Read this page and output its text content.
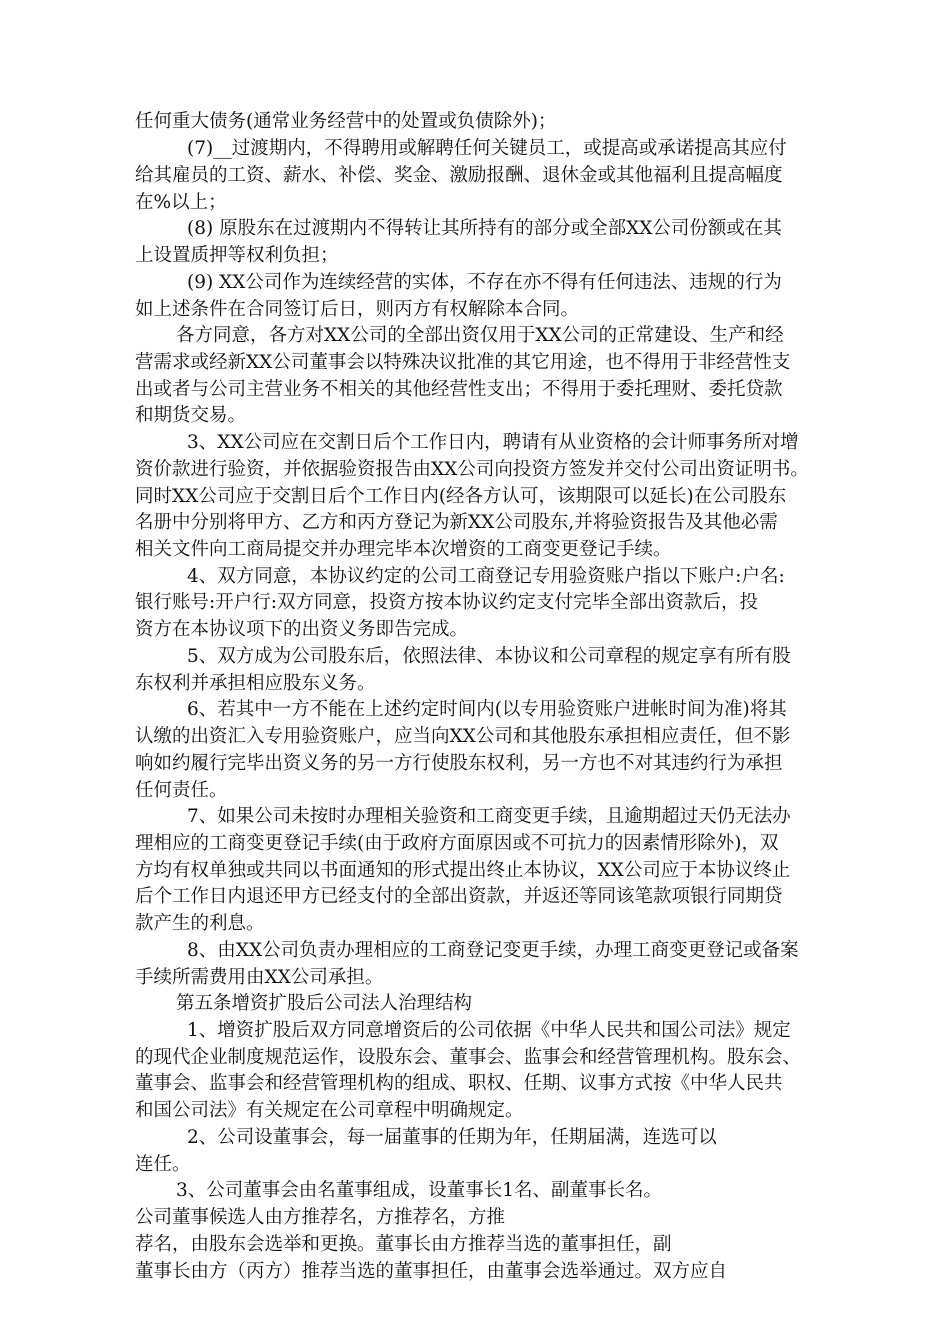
任何重大债务(通常业务经营中的处置或负债除外)；
(7)__过渡期内，不得聘用或解聘任何关键员工，或提高或承诺提高其应付
给其雇员的工资、薪水、补偿、奖金、激励报酬、退休金或其他福利且提高幅度
在%以上；
(8) 原股东在过渡期内不得转让其所持有的部分或全部XX公司份额或在其
上设置质押等权利负担；
(9) XX公司作为连续经营的实体，不存在亦不得有任何违法、违规的行为
如上述条件在合同签订后日，则丙方有权解除本合同。
各方同意，各方对XX公司的全部出资仅用于XX公司的正常建设、生产和经
营需求或经新XX公司董事会以特殊决议批准的其它用途，也不得用于非经营性支
出或者与公司主营业务不相关的其他经营性支出；不得用于委托理财、委托贷款
和期货交易。
3、XX公司应在交割日后个工作日内，聘请有从业资格的会计师事务所对增
资价款进行验资，并依据验资报告由XX公司向投资方签发并交付公司出资证明书。
同时XX公司应于交割日后个工作日内(经各方认可，该期限可以延长)在公司股东
名册中分别将甲方、乙方和丙方登记为新XX公司股东,并将验资报告及其他必需
相关文件向工商局提交并办理完毕本次增资的工商变更登记手续。
4、双方同意，本协议约定的公司工商登记专用验资账户指以下账户:户名:
银行账号:开户行:双方同意，投资方按本协议约定支付完毕全部出资款后，投
资方在本协议项下的出资义务即告完成。
5、双方成为公司股东后，依照法律、本协议和公司章程的规定享有所有股
东权利并承担相应股东义务。
6、若其中一方不能在上述约定时间内(以专用验资账户进帐时间为准)将其
认缴的出资汇入专用验资账户，应当向XX公司和其他股东承担相应责任，但不影
响如约履行完毕出资义务的另一方行使股东权利，另一方也不对其违约行为承担
任何责任。
7、如果公司未按时办理相关验资和工商变更手续，且逾期超过天仍无法办
理相应的工商变更登记手续(由于政府方面原因或不可抗力的因素情形除外)，双
方均有权单独或共同以书面通知的形式提出终止本协议，XX公司应于本协议终止
后个工作日内退还甲方已经支付的全部出资款，并返还等同该笔款项银行同期贷
款产生的利息。
8、由XX公司负责办理相应的工商登记变更手续，办理工商变更登记或备案
手续所需费用由XX公司承担。
第五条增资扩股后公司法人治理结构
1、增资扩股后双方同意增资后的公司依据《中华人民共和国公司法》规定
的现代企业制度规范运作，设股东会、董事会、监事会和经营管理机构。股东会、
董事会、监事会和经营管理机构的组成、职权、任期、议事方式按《中华人民共
和国公司法》有关规定在公司章程中明确规定。
2、公司设董事会，每一届董事的任期为年，任期届满，连选可以
连任。
3、公司董事会由名董事组成，设董事长1名、副董事长名。
公司董事候选人由方推荐名，方推荐名，方推
荐名，由股东会选举和更换。董事长由方推荐当选的董事担任，副
董事长由方（丙方）推荐当选的董事担任，由董事会选举通过。双方应自
